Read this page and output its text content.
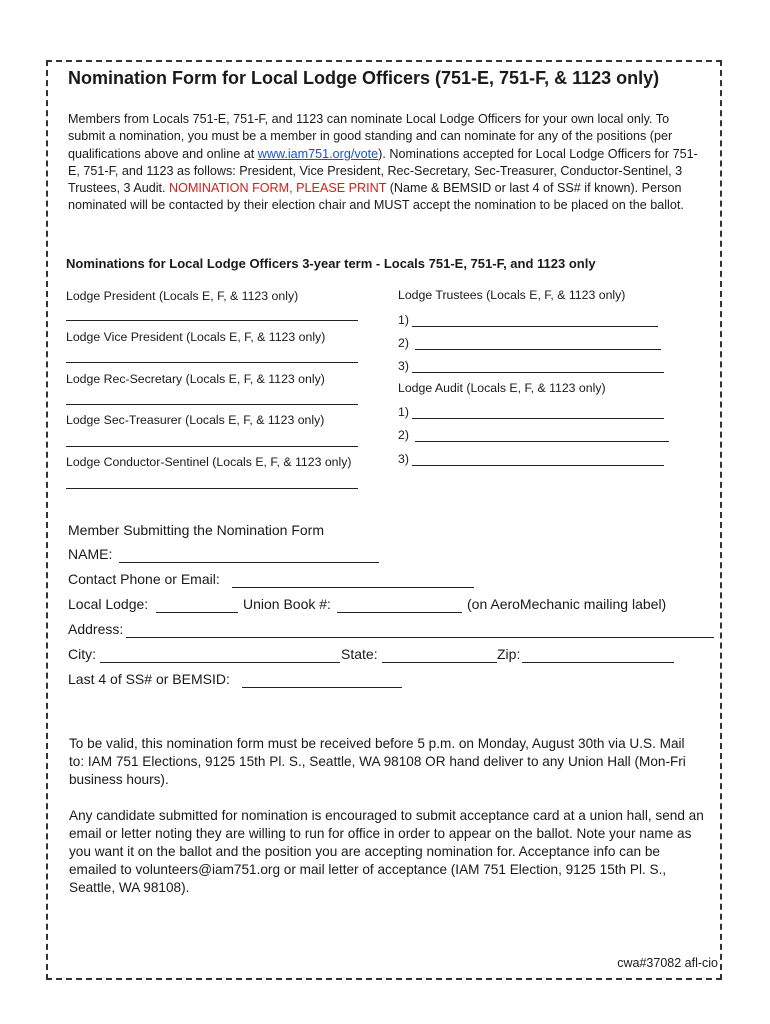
Nomination Form for Local Lodge Officers (751-E, 751-F, & 1123 only)
Members from Locals 751-E, 751-F, and 1123 can nominate Local Lodge Officers for your own local only. To submit a nomination, you must be a member in good standing and can nominate for any of the positions (per qualifications above and online at www.iam751.org/vote). Nominations accepted for Local Lodge Officers for 751-E, 751-F, and 1123 as follows: President, Vice President, Rec-Secretary, Sec-Treasurer, Conductor-Sentinel, 3 Trustees, 3 Audit. NOMINATION FORM, PLEASE PRINT (Name & BEMSID or last 4 of SS# if known). Person nominated will be contacted by their election chair and MUST accept the nomination to be placed on the ballot.
Nominations for Local Lodge Officers 3-year term - Locals 751-E, 751-F, and 1123 only
Lodge President (Locals E, F, & 1123 only)
Lodge Vice President (Locals E, F, & 1123 only)
Lodge Rec-Secretary (Locals E, F, & 1123 only)
Lodge Sec-Treasurer (Locals E, F, & 1123 only)
Lodge Conductor-Sentinel (Locals E, F, & 1123 only)
Lodge Trustees (Locals E, F, & 1123 only)
1)
2)
3)
Lodge Audit (Locals E, F, & 1123 only)
1)
2)
3)
Member Submitting the Nomination Form
NAME:
Contact Phone or Email:
Local Lodge:	Union Book #:	(on AeroMechanic mailing label)
Address:
City:	State:	Zip:
Last 4 of SS# or BEMSID:
To be valid, this nomination form must be received before 5 p.m. on Monday, August 30th via U.S. Mail to: IAM 751 Elections, 9125 15th Pl. S., Seattle, WA 98108 OR hand deliver to any Union Hall (Mon-Fri business hours).
Any candidate submitted for nomination is encouraged to submit acceptance card at a union hall, send an email or letter noting they are willing to run for office in order to appear on the ballot. Note your name as you want it on the ballot and the position you are accepting nomination for. Acceptance info can be emailed to volunteers@iam751.org or mail letter of acceptance (IAM 751 Election, 9125 15th Pl. S., Seattle, WA 98108).
cwa#37082 afl-cio
